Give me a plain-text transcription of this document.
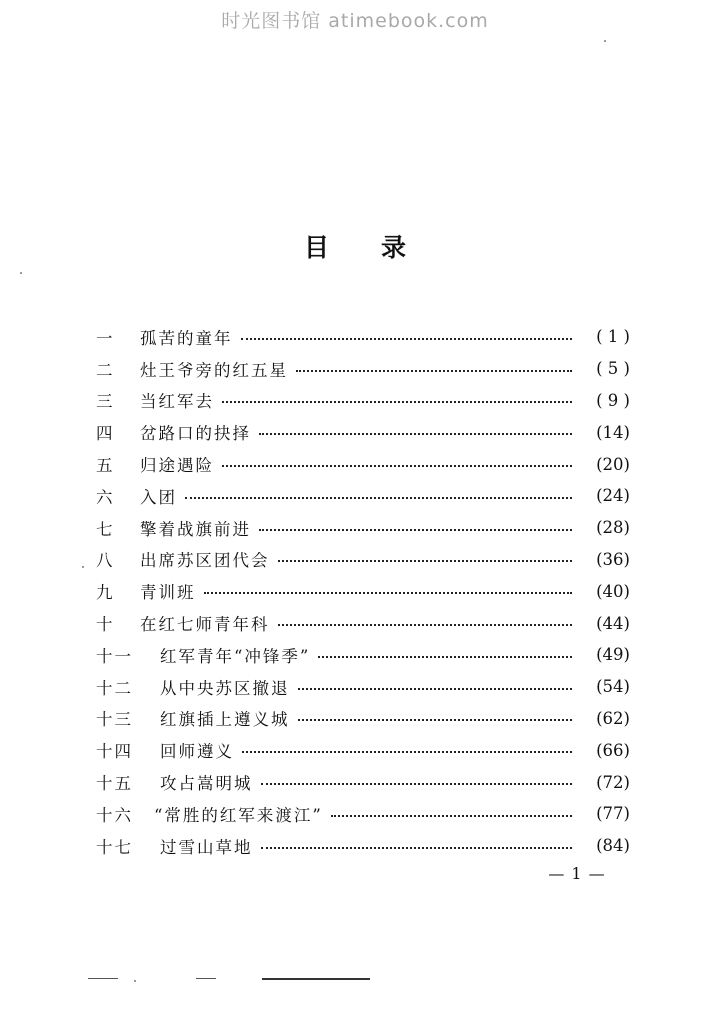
时光图书馆 atimebook.com
目 录
一	孤苦的童年	( 1 )
二	灶王爷旁的红五星	( 5 )
三	当红军去	( 9 )
四	岔路口的抉择	(14)
五	归途遇险	(20)
六	入团	(24)
七	擎着战旗前进	(28)
八	出席苏区团代会	(36)
九	青训班	(40)
十	在红七师青年科	(44)
十一	红军青年“冲锋季”	(49)
十二	从中央苏区撤退	(54)
十三	红旗插上遵义城	(62)
十四	回师遵义	(66)
十五	攻占嵩明城	(72)
十六	“常胜的红军来渡江”	(77)
十七	过雪山草地	(84)
— 1 —
